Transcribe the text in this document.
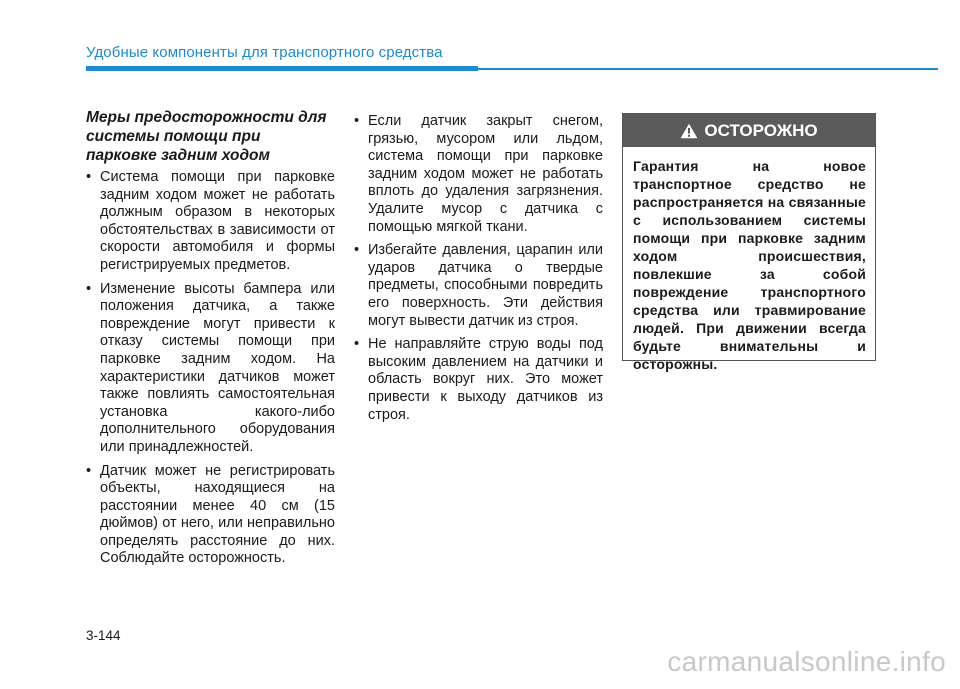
Удобные компоненты для транспортного средства
Меры предосторожности для системы помощи при парковке задним ходом
• Система помощи при парковке задним ходом может не работать должным образом в некоторых обстоятельствах в зависимости от скорости автомобиля и формы регистрируемых предметов.
• Изменение высоты бампера или положения датчика, а также повреждение могут привести к отказу системы помощи при парковке задним ходом. На характеристики датчиков может также повлиять самостоятельная установка какого-либо дополнительного оборудования или принадлежностей.
• Датчик может не регистрировать объекты, находящиеся на расстоянии менее 40 см (15 дюймов) от него, или неправильно определять расстояние до них. Соблюдайте осторожность.
• Если датчик закрыт снегом, грязью, мусором или льдом, система помощи при парковке задним ходом может не работать вплоть до удаления загрязнения. Удалите мусор с датчика с помощью мягкой ткани.
• Избегайте давления, царапин или ударов датчика о твердые предметы, способными повредить его поверхность. Эти действия могут вывести датчик из строя.
• Не направляйте струю воды под высоким давлением на датчики и область вокруг них. Это может привести к выходу датчиков из строя.
ОСТОРОЖНО
Гарантия на новое транспортное средство не распространяется на связанные с использованием системы помощи при парковке задним ходом происшествия, повлекшие за собой повреждение транспортного средства или травмирование людей. При движении всегда будьте внимательны и осторожны.
3-144
carmanualsonline.info
